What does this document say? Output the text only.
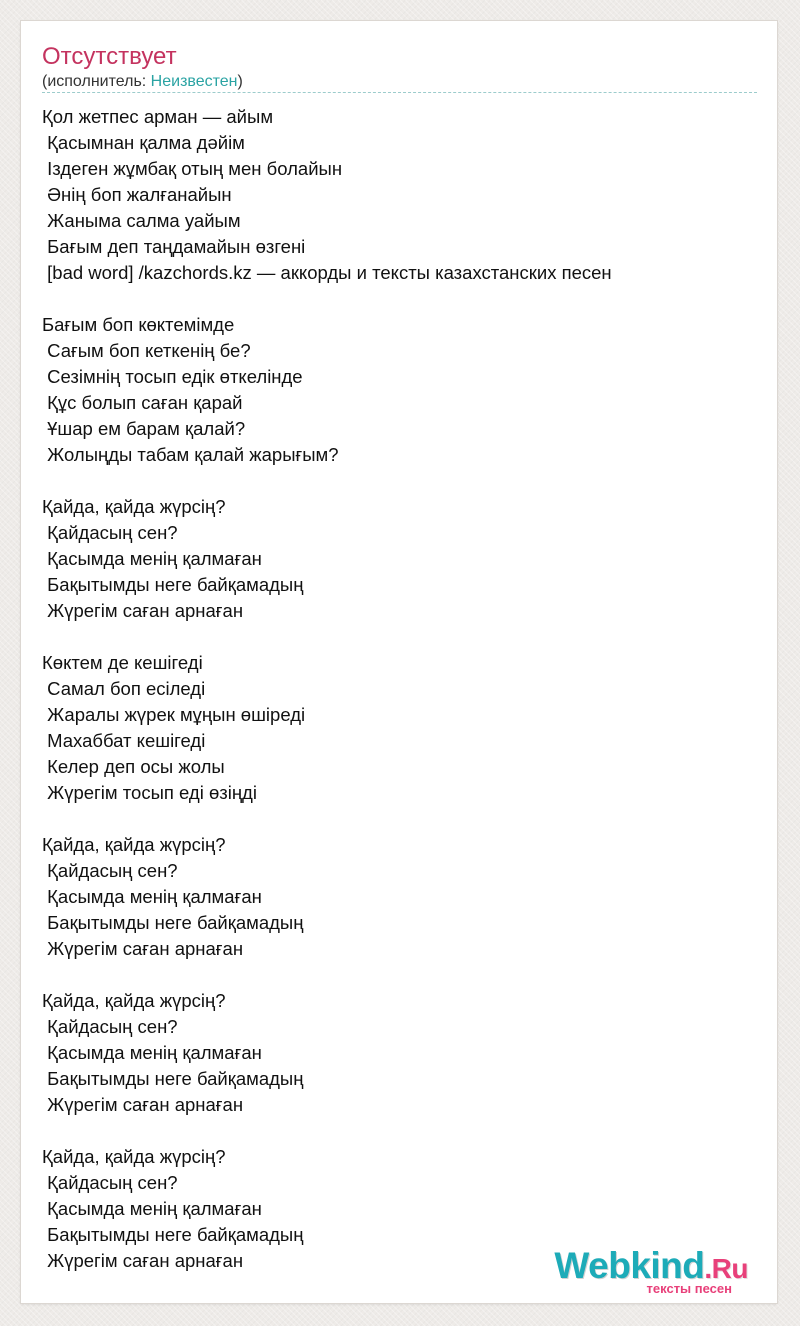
Отсутствует
(исполнитель: Неизвестен)
Қол жетпес арман — айым
Қасымнан қалма дәйім
Іздеген жұмбақ отың мен болайын
Әнің боп жалғанайын
Жаныма салма уайым
Бағым деп таңдамайын өзгені
[bad word] /kazchords.kz — аккорды и тексты казахстанских песен

Бағым боп көктемімде
Сағым боп кеткенің бе?
Сезімнің тосып едік өткелінде
Құс болып саған қарай
Ұшар ем барам қалай?
Жолыңды табам қалай жарығым?

Қайда, қайда жүрсің?
Қайдасың сен?
Қасымда менің қалмаған
Бақытымды неге байқамадың
Жүрегім саған арнаған

Көктем де кешігеді
Самал боп есіледі
Жаралы жүрек мұңын өшіреді
Махаббат кешігеді
Келер деп осы жолы
Жүрегім тосып еді өзіңді

Қайда, қайда жүрсің?
Қайдасың сен?
Қасымда менің қалмаған
Бақытымды неге байқамадың
Жүрегім саған арнаған

Қайда, қайда жүрсің?
Қайдасың сен?
Қасымда менің қалмаған
Бақытымды неге байқамадың
Жүрегім саған арнаған

Қайда, қайда жүрсің?
Қайдасың сен?
Қасымда менің қалмаған
Бақытымды неге байқамадың
Жүрегім саған арнаған	Webkind.Ru
тексты песен
